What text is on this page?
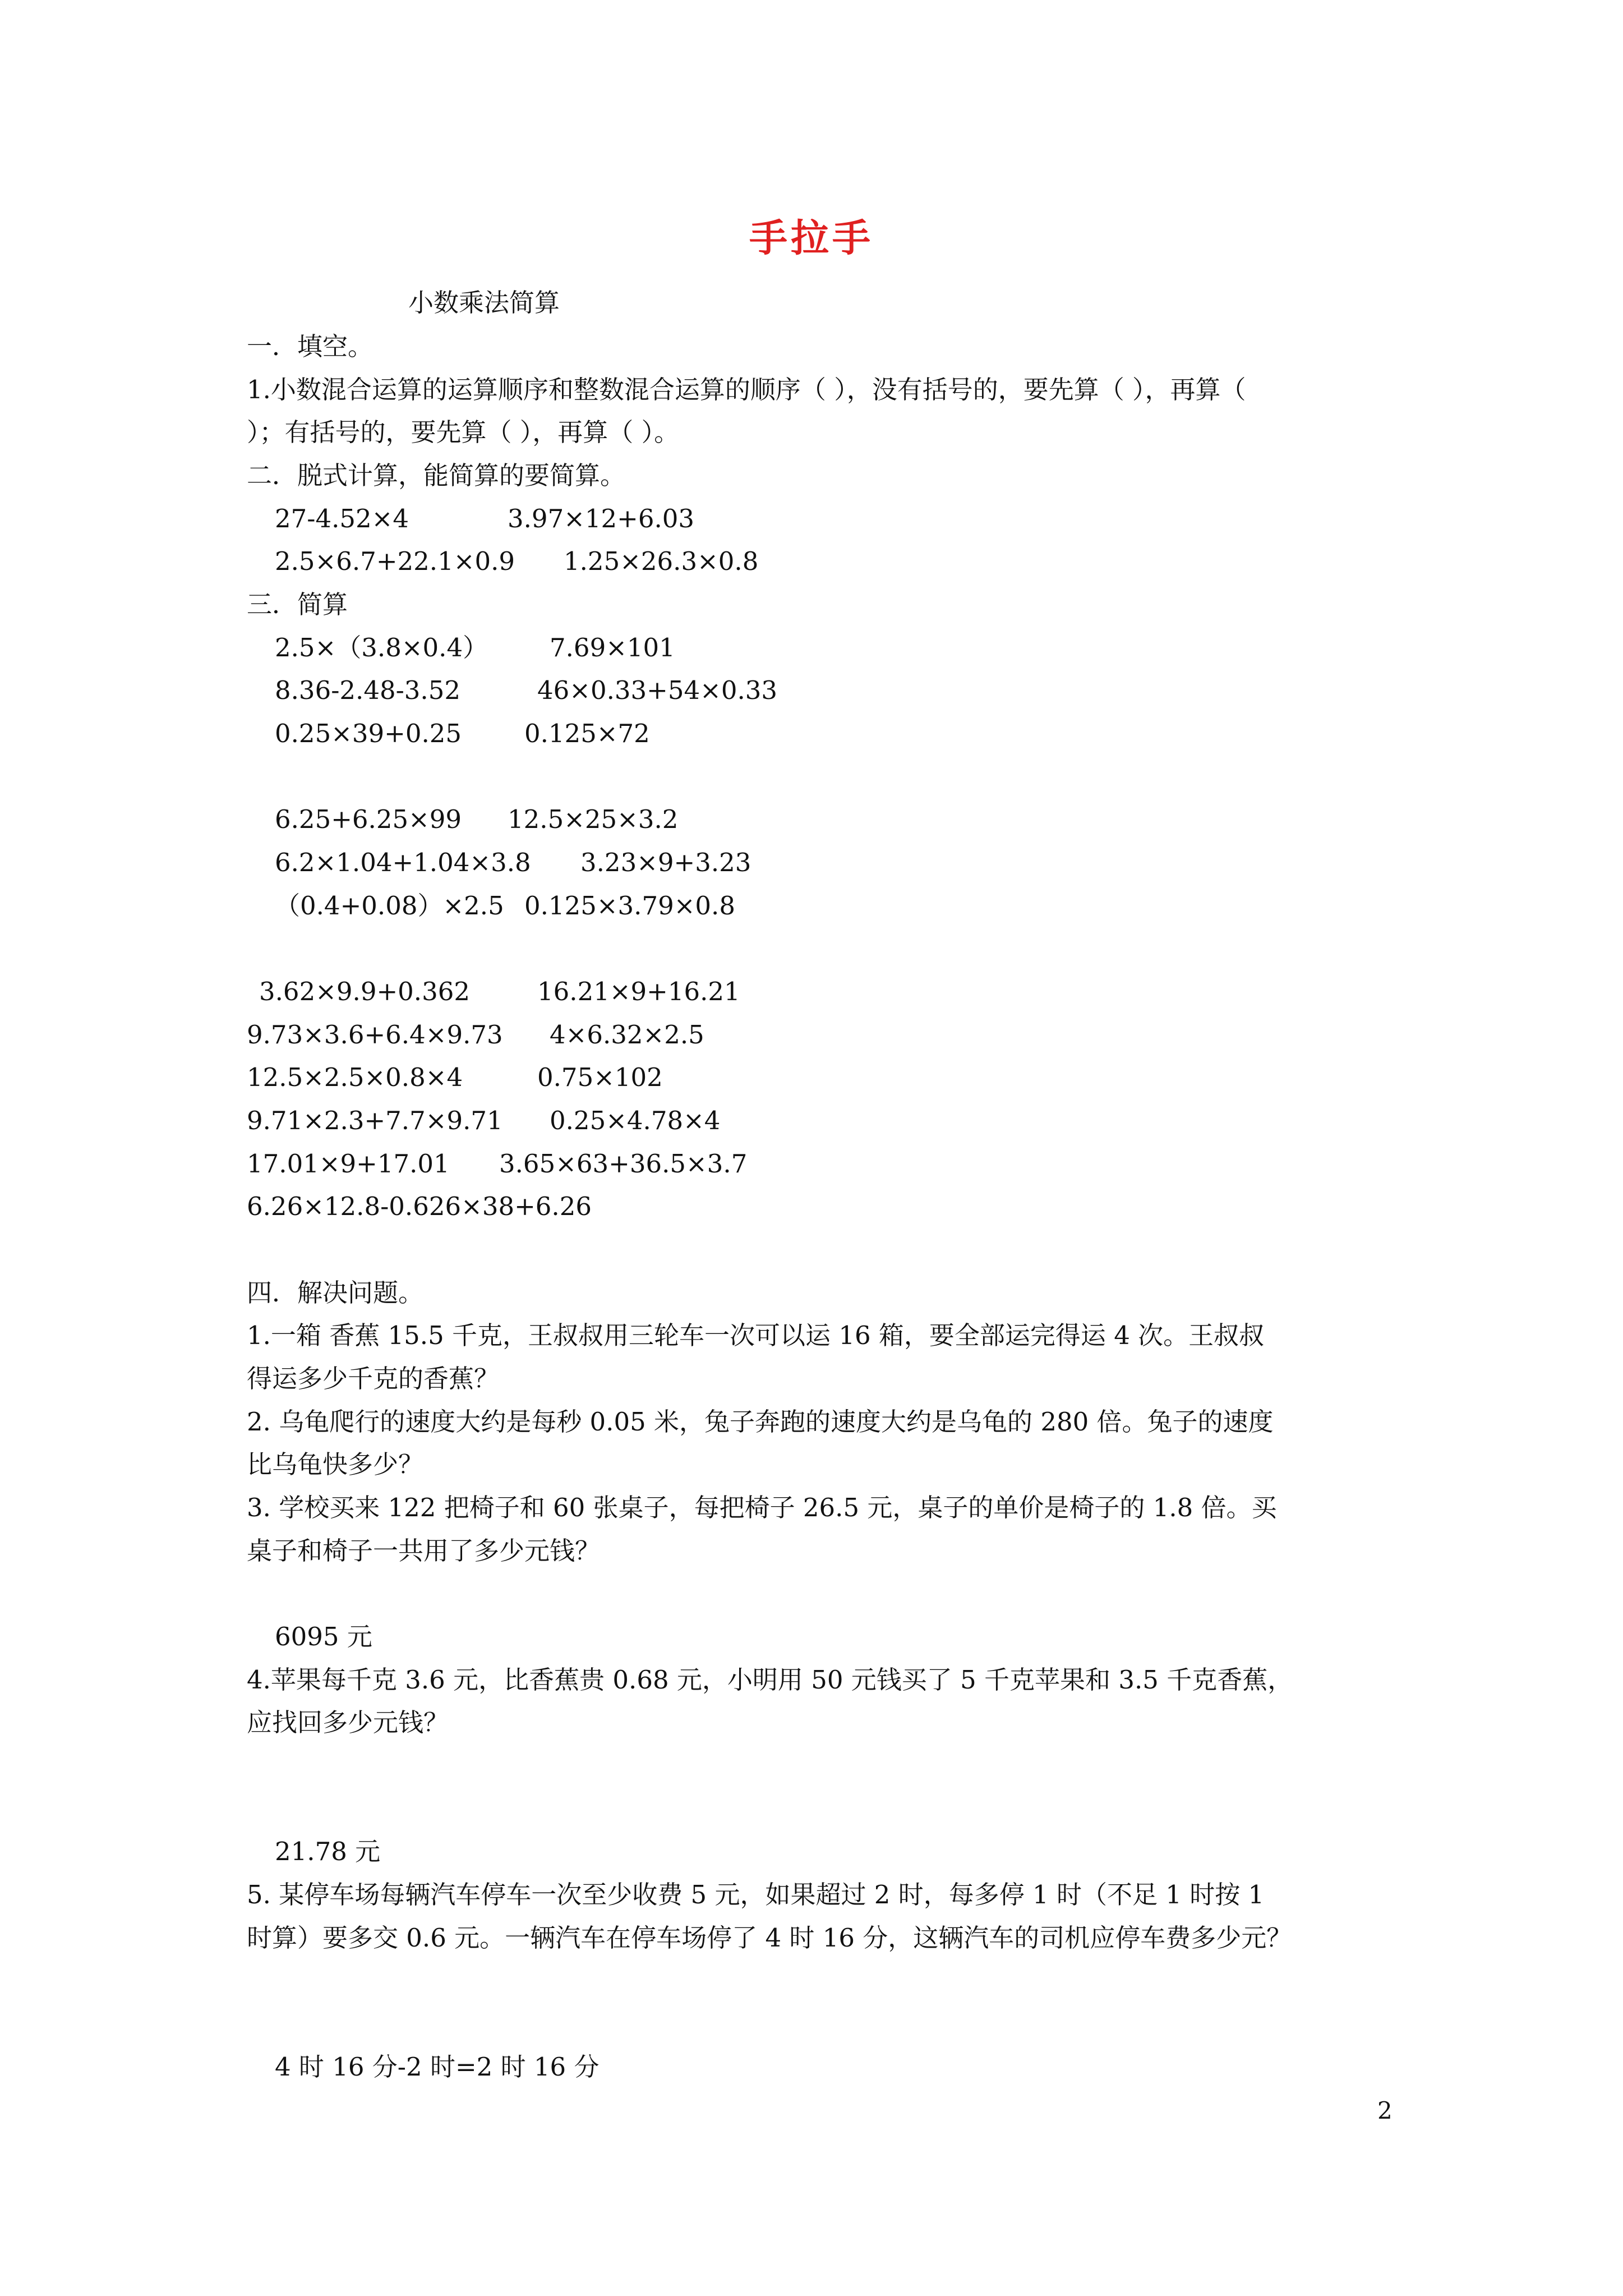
手拉手
小数乘法简算
一．填空。
1.小数混合运算的运算顺序和整数混合运算的顺序（ ），没有括号的，要先算（ ），再算（
）；有括号的，要先算（ ），再算（ ）。
二．脱式计算，能简算的要简算。
27-4.52×4	3.97×12+6.03
2.5×6.7+22.1×0.9 1.25×26.3×0.8
三．简算
2.5×（3.8×0.4） 7.69×101
8.36-2.48-3.52	46×0.33+54×0.33
0.25×39+0.25 0.125×72
6.25+6.25×99 12.5×25×3.2
6.2×1.04+1.04×3.8 3.23×9+3.23
（0.4+0.08）×2.5 0.125×3.79×0.8
3.62×9.9+0.362	16.21×9+16.21
9.73×3.6+6.4×9.73 4×6.32×2.5
12.5×2.5×0.8×4	0.75×102
9.71×2.3+7.7×9.71 0.25×4.78×4
17.01×9+17.01 3.65×63+36.5×3.7
6.26×12.8-0.626×38+6.26
四．解决问题。
1.一箱 香蕉 15.5 千克，王叔叔用三轮车一次可以运 16 箱，要全部运完得运 4 次。王叔叔
得运多少千克的香蕉？
2. 乌龟爬行的速度大约是每秒 0.05 米，兔子奔跑的速度大约是乌龟的 280 倍。兔子的速度
比乌龟快多少？
3. 学校买来 122 把椅子和 60 张桌子，每把椅子 26.5 元，桌子的单价是椅子的 1.8 倍。买
桌子和椅子一共用了多少元钱？
6095 元
4.苹果每千克 3.6 元，比香蕉贵 0.68 元，小明用 50 元钱买了 5 千克苹果和 3.5 千克香蕉，
应找回多少元钱？
21.78 元
5. 某停车场每辆汽车停车一次至少收费 5 元，如果超过 2 时，每多停 1 时（不足 1 时按 1
时算）要多交 0.6 元。一辆汽车在停车场停了 4 时 16 分，这辆汽车的司机应停车费多少元？
4 时 16 分-2 时=2 时 16 分
2
